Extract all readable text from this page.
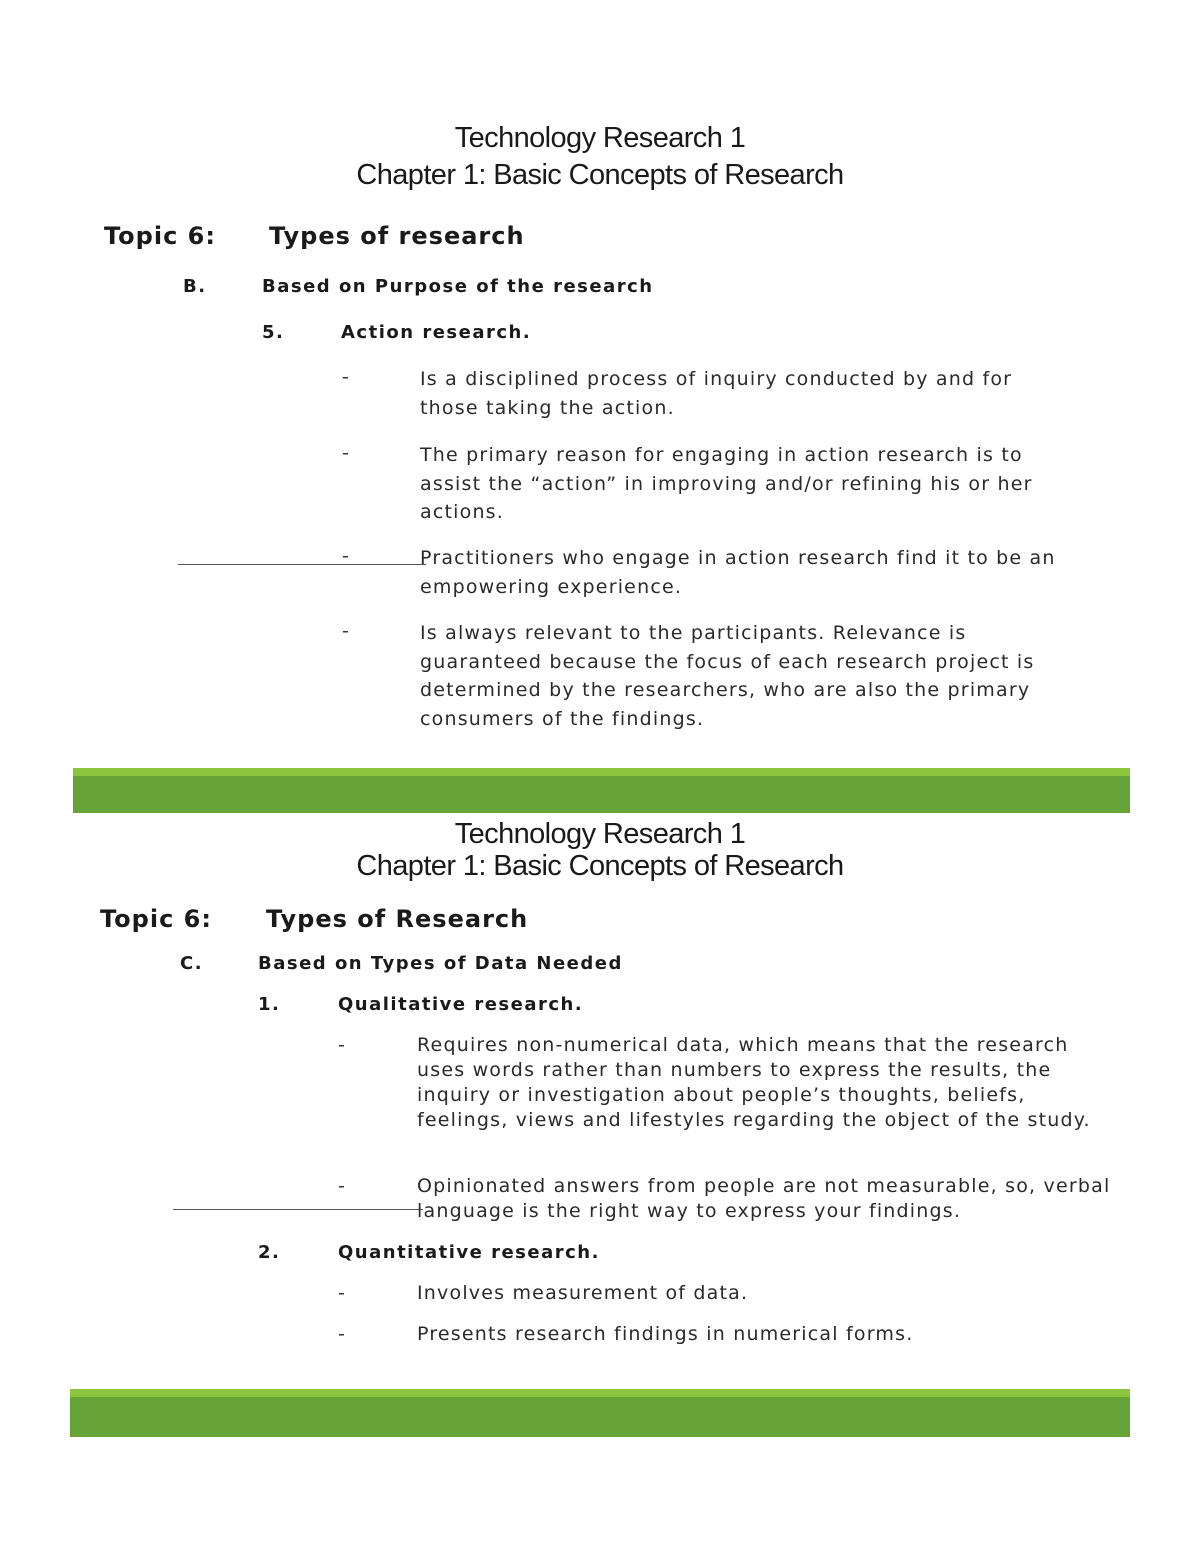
Technology Research 1
Chapter 1: Basic Concepts of Research
Topic 6: Types of research
B.	Based on Purpose of the research
5.	Action research.
-	Is a disciplined process of inquiry conducted by and for those taking the action.

-	The primary reason for engaging in action research is to assist the “action” in improving and/or refining his or her actions.

-	Practitioners who engage in action research find it to be an empowering experience.

-	Is always relevant to the participants. Relevance is guaranteed because the focus of each research project is determined by the researchers, who are also the primary consumers of the findings.

Technology Research 1
Chapter 1: Basic Concepts of Research
Topic 6: Types of Research
C.	Based on Types of Data Needed
1.	Qualitative research.
-	Requires non-numerical data, which means that the research uses words rather than numbers to express the results, the inquiry or investigation about people’s thoughts, beliefs, feelings, views and lifestyles regarding the object of the study.

-	Opinionated answers from people are not measurable, so, verbal language is the right way to express your findings.

2.	Quantitative research.
-	Involves measurement of data.

-	Presents research findings in numerical forms.
